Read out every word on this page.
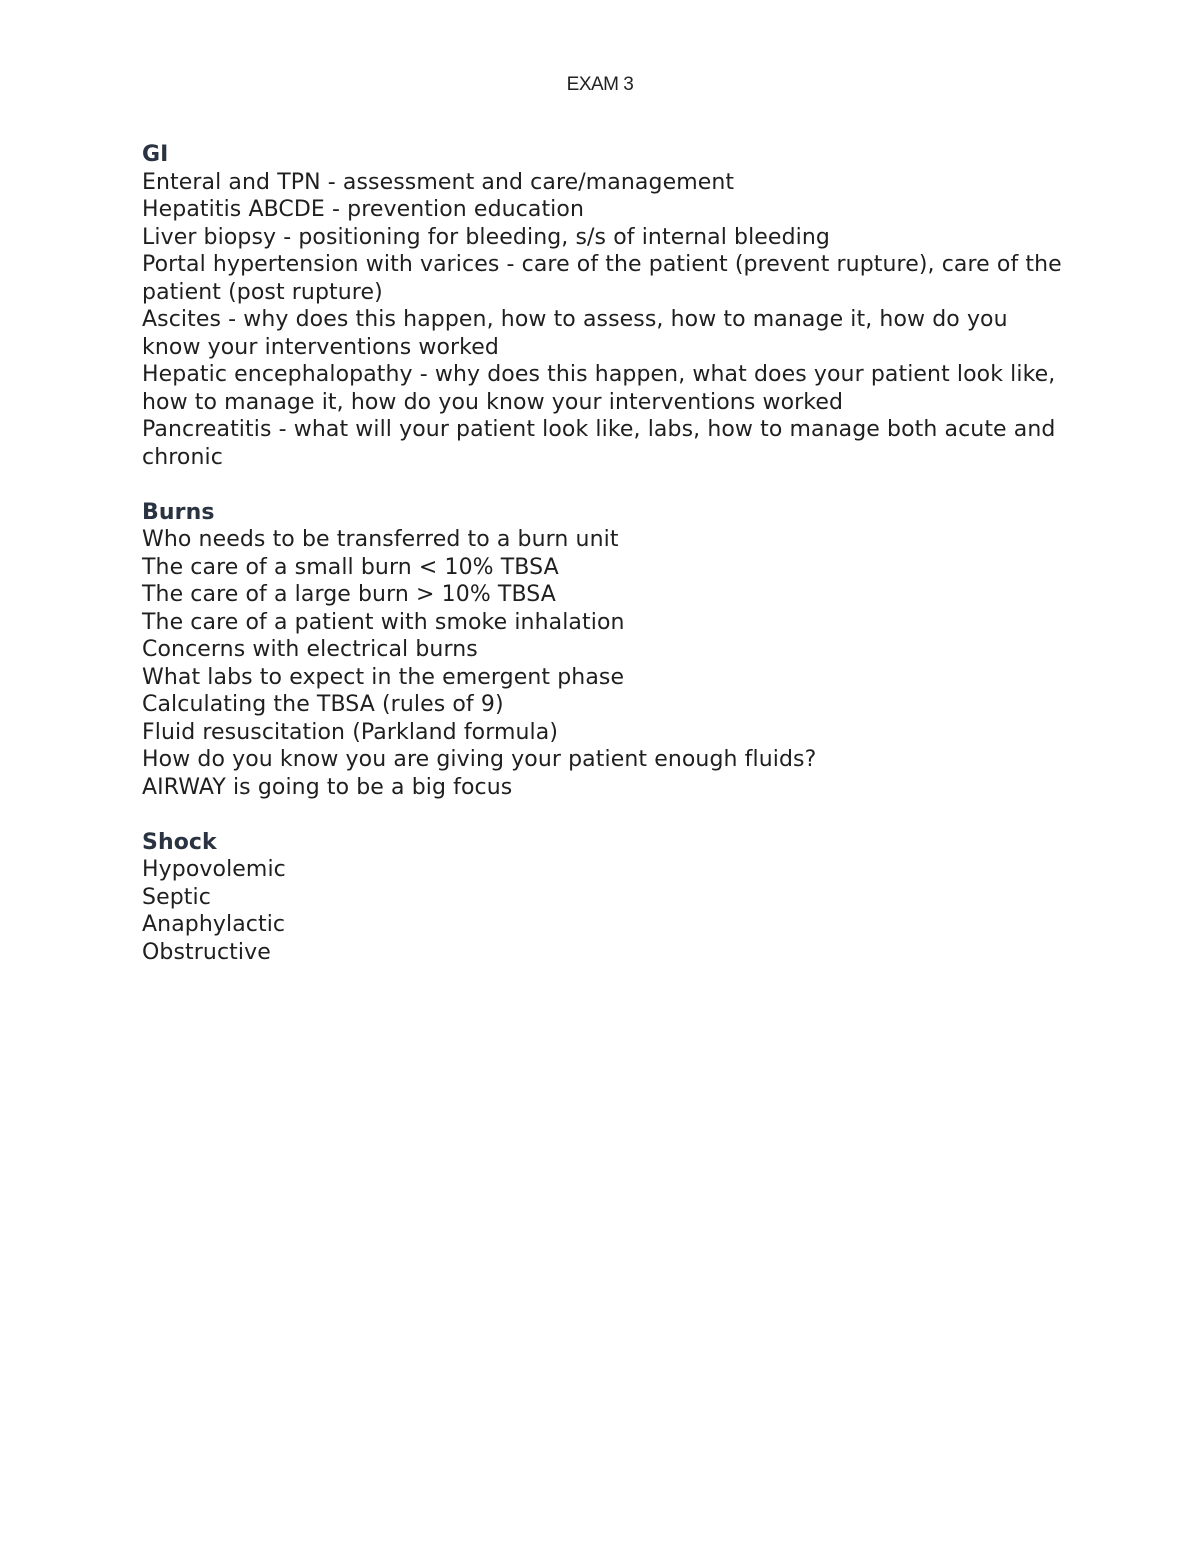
EXAM 3
GI
Enteral and TPN - assessment and care/management
Hepatitis ABCDE - prevention education
Liver biopsy - positioning for bleeding, s/s of internal bleeding
Portal hypertension with varices - care of the patient (prevent rupture), care of the patient (post rupture)
Ascites - why does this happen, how to assess, how to manage it, how do you know your interventions worked
Hepatic encephalopathy - why does this happen, what does your patient look like, how to manage it, how do you know your interventions worked
Pancreatitis - what will your patient look like, labs, how to manage both acute and chronic
Burns
Who needs to be transferred to a burn unit
The care of a small burn < 10% TBSA
The care of a large burn > 10% TBSA
The care of a patient with smoke inhalation
Concerns with electrical burns
What labs to expect in the emergent phase
Calculating the TBSA (rules of 9)
Fluid resuscitation (Parkland formula)
How do you know you are giving your patient enough fluids?
AIRWAY is going to be a big focus
Shock
Hypovolemic
Septic
Anaphylactic
Obstructive
